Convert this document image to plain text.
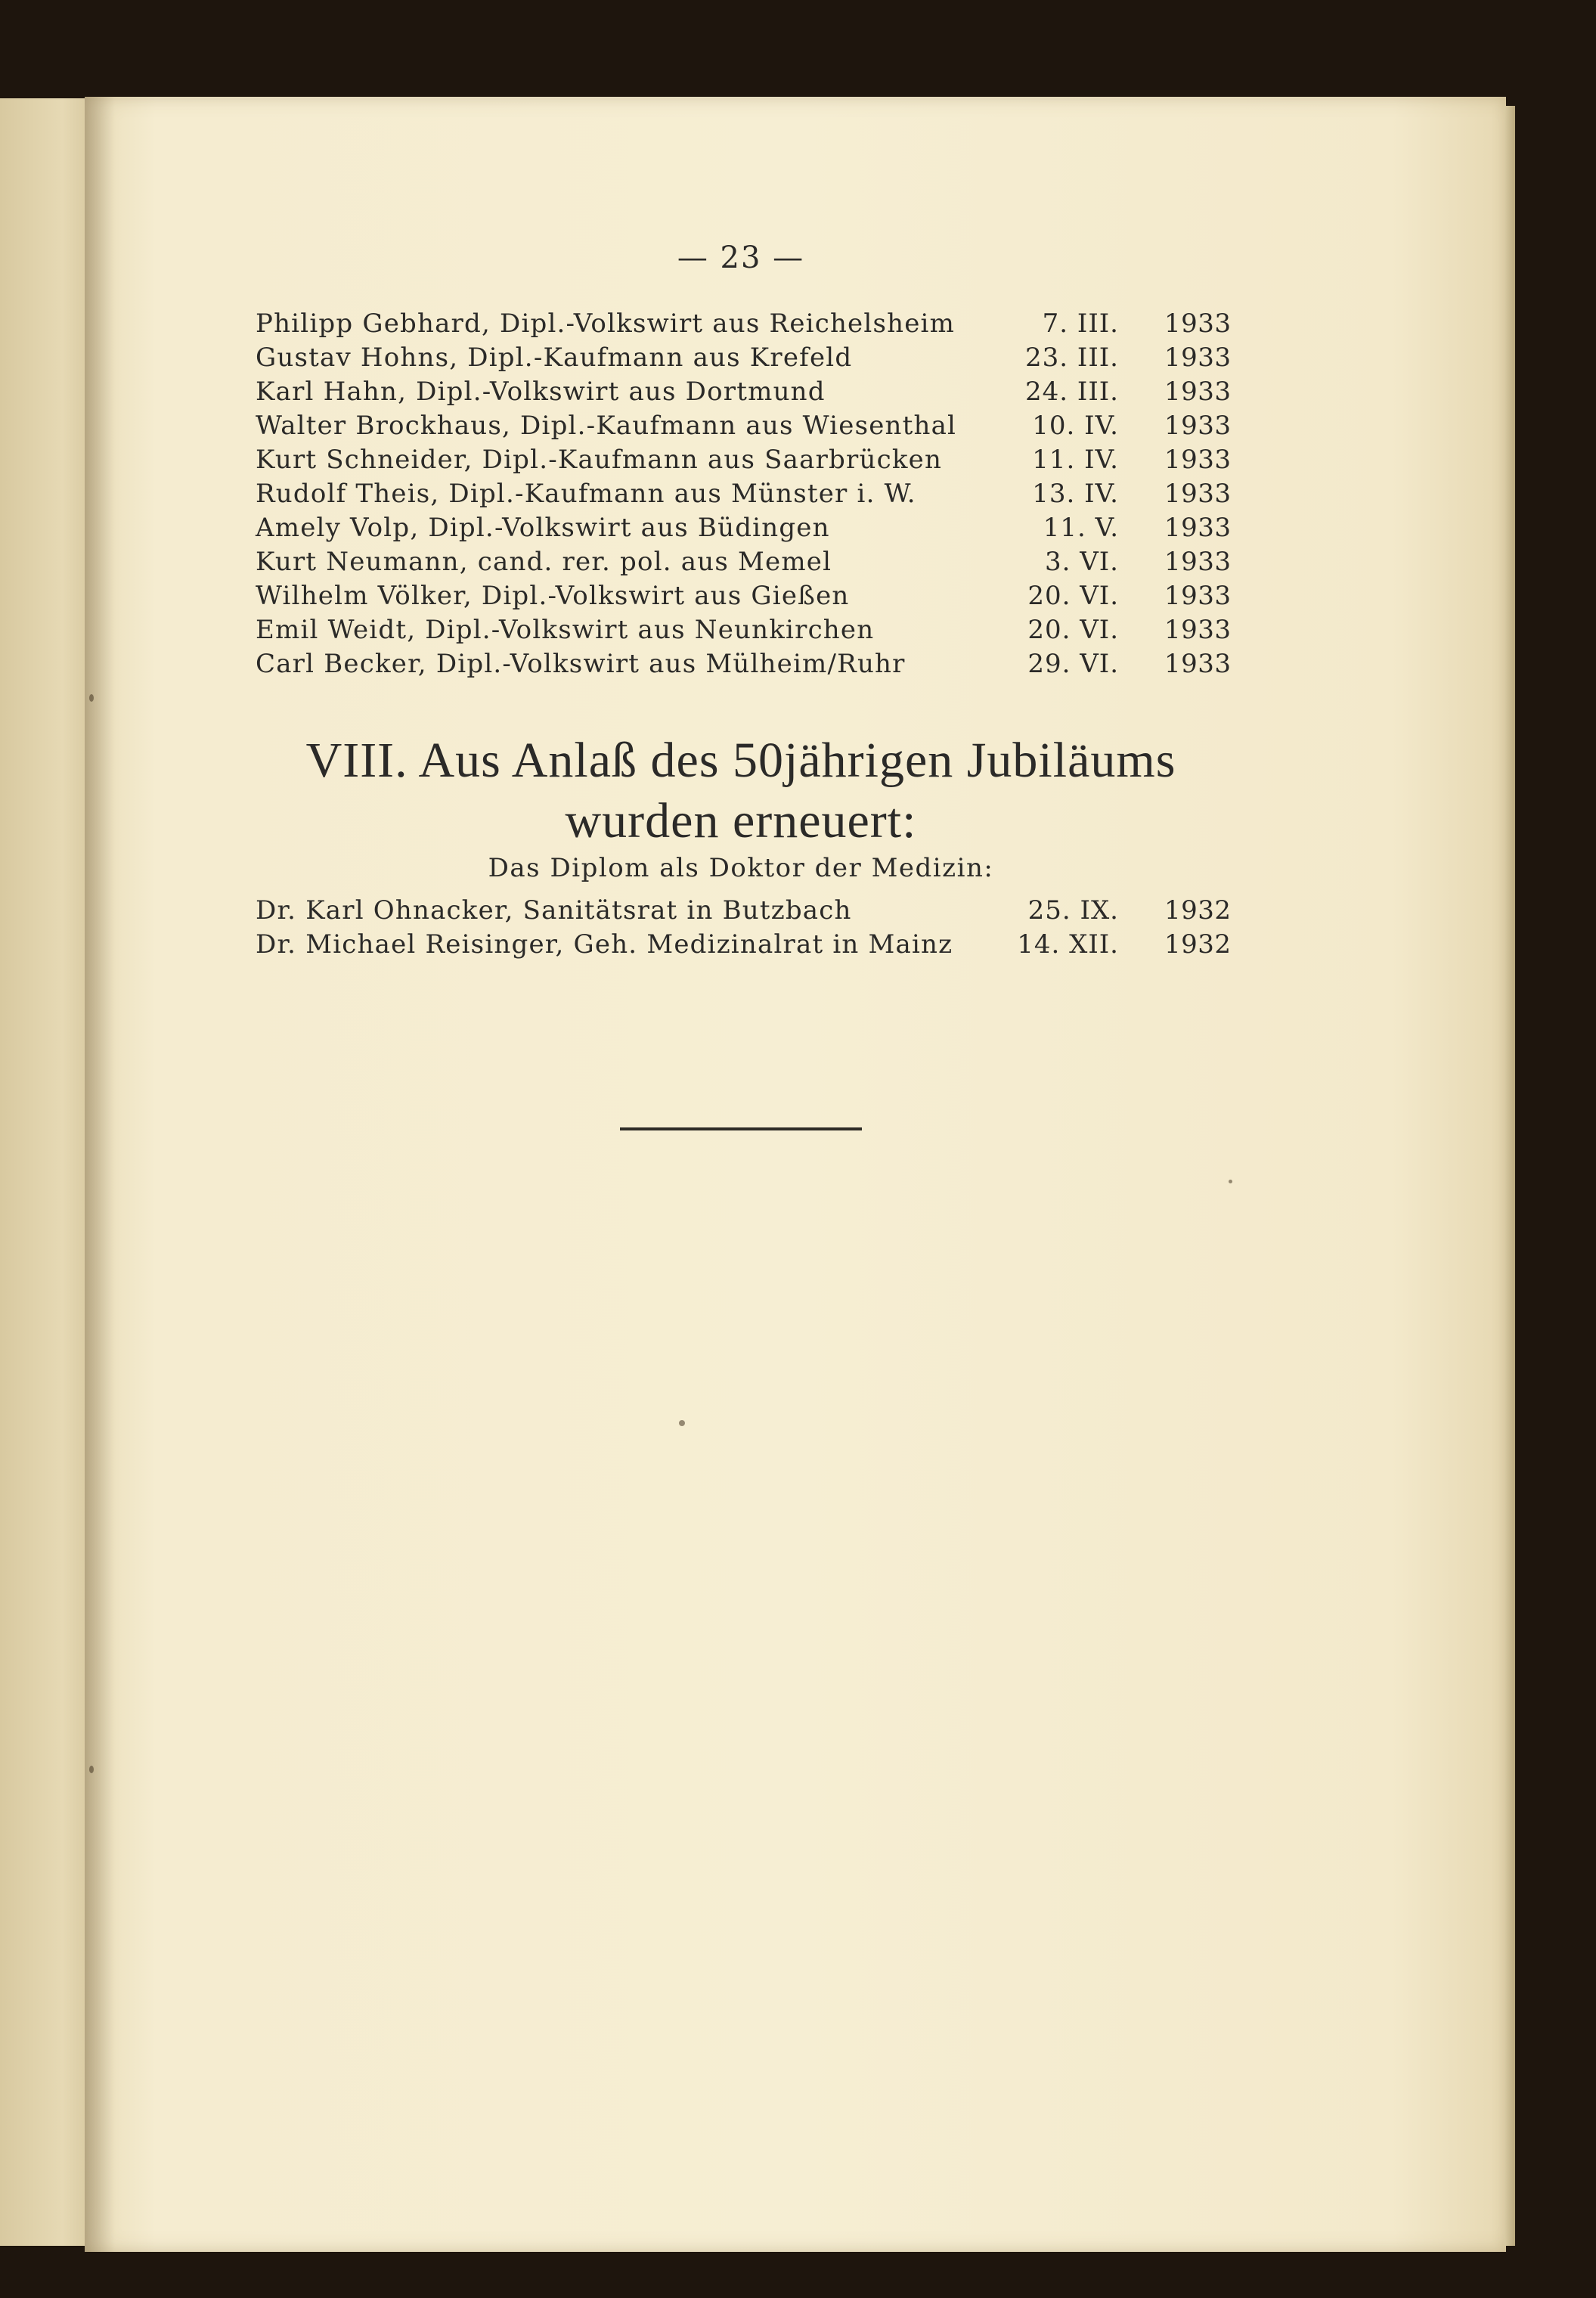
— 23 —
Philipp Gebhard, Dipl.-Volkswirt aus Reichelsheim	7. III. 1933
Gustav Hohns, Dipl.-Kaufmann aus Krefeld	23. III. 1933
Karl Hahn, Dipl.-Volkswirt aus Dortmund	24. III. 1933
Walter Brockhaus, Dipl.-Kaufmann aus Wiesenthal	10. IV. 1933
Kurt Schneider, Dipl.-Kaufmann aus Saarbrücken	11. IV. 1933
Rudolf Theis, Dipl.-Kaufmann aus Münster i. W.	13. IV. 1933
Amely Volp, Dipl.-Volkswirt aus Büdingen	11. V. 1933
Kurt Neumann, cand. rer. pol. aus Memel	3. VI. 1933
Wilhelm Völker, Dipl.-Volkswirt aus Gießen	20. VI. 1933
Emil Weidt, Dipl.-Volkswirt aus Neunkirchen	20. VI. 1933
Carl Becker, Dipl.-Volkswirt aus Mülheim/Ruhr	29. VI. 1933
VIII. Aus Anlaß des 50jährigen Jubiläums
wurden erneuert:
Das Diplom als Doktor der Medizin:
Dr. Karl Ohnacker, Sanitätsrat in Butzbach	25. IX. 1932
Dr. Michael Reisinger, Geh. Medizinalrat in Mainz 14. XII. 1932
